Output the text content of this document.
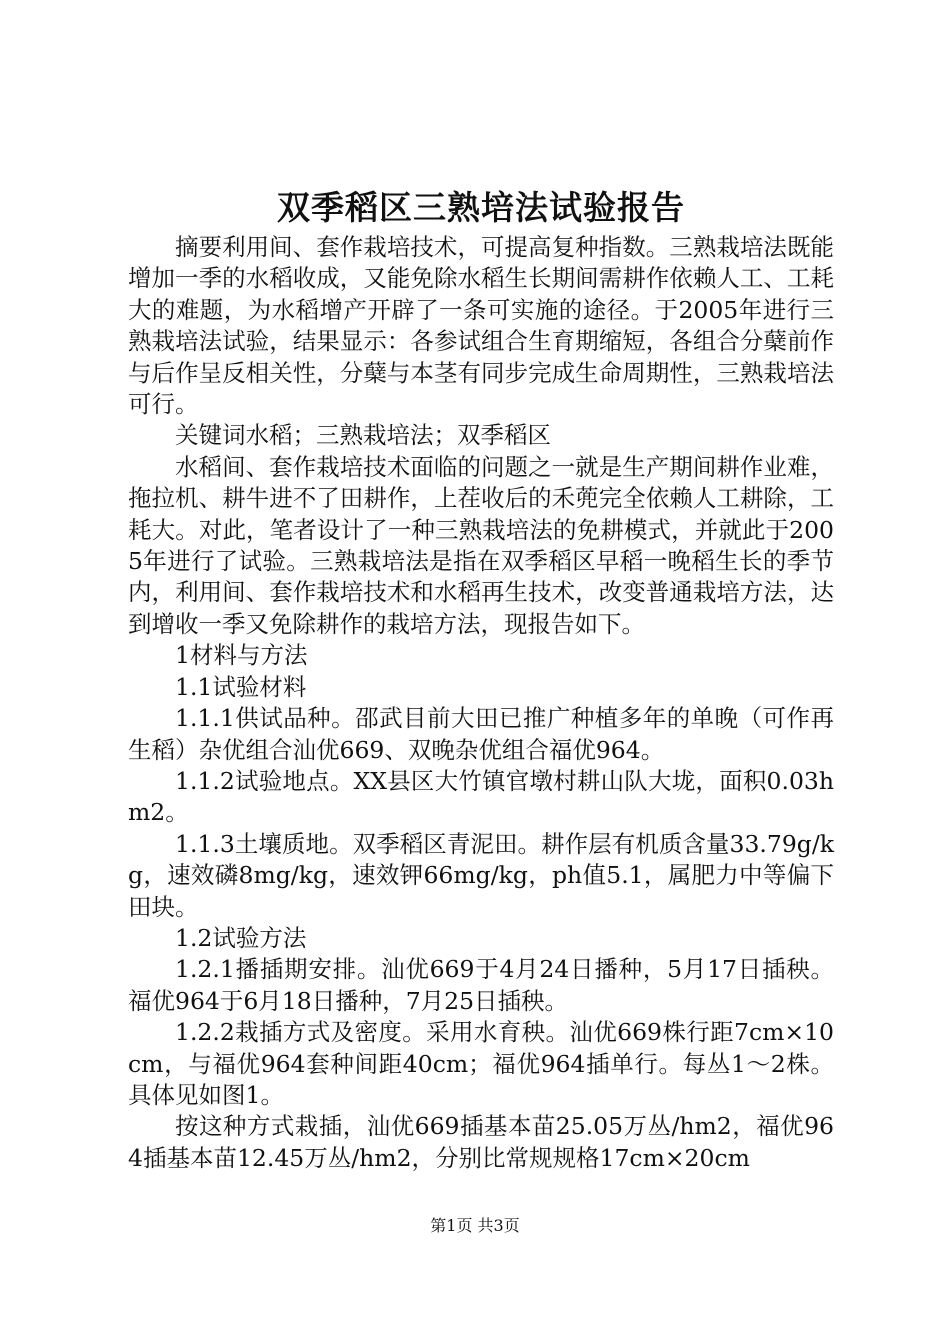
双季稻区三熟培法试验报告

摘要利用间、套作栽培技术，可提高复种指数。三熟栽培法既能增加一季的水稻收成，又能免除水稻生长期间需耕作依赖人工、工耗大的难题，为水稻增产开辟了一条可实施的途径。于2005年进行三熟栽培法试验，结果显示：各参试组合生育期缩短，各组合分蘖前作与后作呈反相关性，分蘖与本茎有同步完成生命周期性，三熟栽培法可行。

关键词水稻；三熟栽培法；双季稻区

水稻间、套作栽培技术面临的问题之一就是生产期间耕作业难，拖拉机、耕牛进不了田耕作，上茬收后的禾蔸完全依赖人工耕除，工耗大。对此，笔者设计了一种三熟栽培法的免耕模式，并就此于2005年进行了试验。三熟栽培法是指在双季稻区早稻一晚稻生长的季节内，利用间、套作栽培技术和水稻再生技术，改变普通栽培方法，达到增收一季又免除耕作的栽培方法，现报告如下。

1材料与方法

1.1试验材料

1.1.1供试品种。邵武目前大田已推广种植多年的单晚（可作再生稻）杂优组合汕优669、双晚杂优组合福优964。

1.1.2试验地点。XX县区大竹镇官墩村耕山队大垅，面积0.03hm2。

1.1.3土壤质地。双季稻区青泥田。耕作层有机质含量33.79g/kg，速效磷8mg/kg，速效钾66mg/kg，ph值5.1，属肥力中等偏下田块。

1.2试验方法

1.2.1播插期安排。汕优669于4月24日播种，5月17日插秧。福优964于6月18日播种，7月25日插秧。

1.2.2栽插方式及密度。采用水育秧。汕优669株行距7cm×10cm，与福优964套种间距40cm；福优964插单行。每丛1～2株。具体见如图1。

按这种方式栽插，汕优669插基本苗25.05万丛/hm2，福优964插基本苗12.45万丛/hm2，分别比常规规格17cm×20cm

第1页 共3页
